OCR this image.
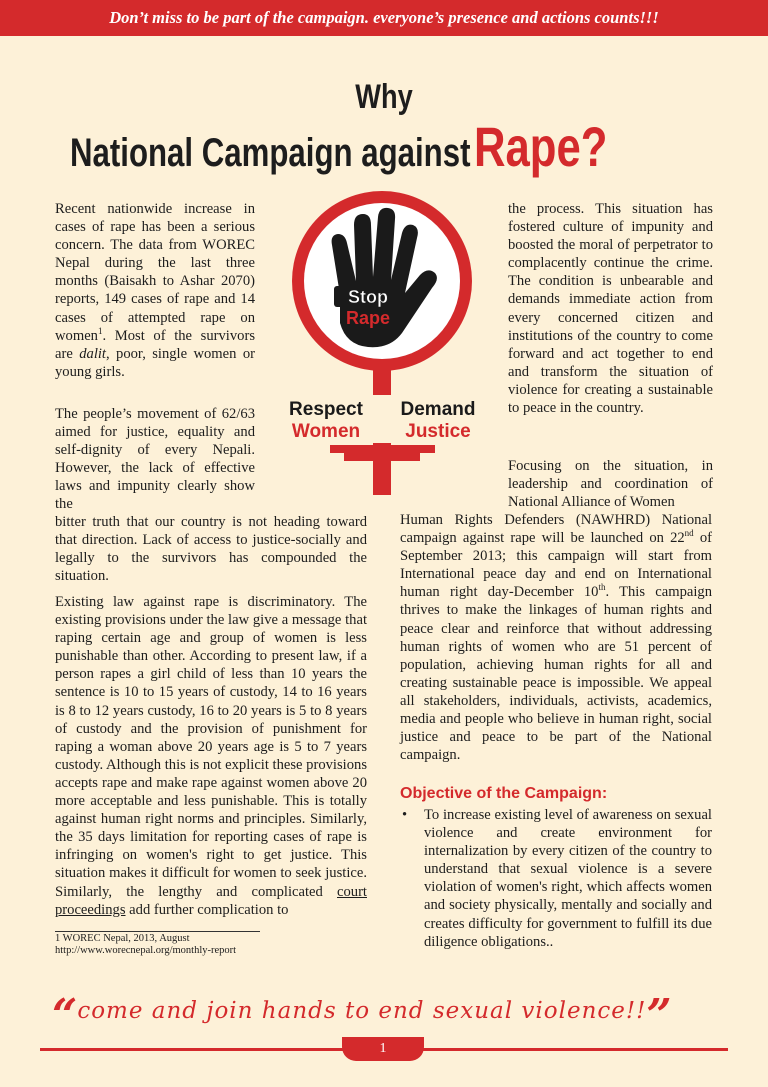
Don’t miss to be part of the campaign. everyone’s presence and actions counts!!!
Why
National Campaign against Rape?
Stop
Rape
Respect
Women
Demand
Justice

Recent nationwide increase in cases of rape has been a serious concern. The data from WOREC Nepal during the last three months (Baisakh to Ashar 2070) reports, 149 cases of rape and 14 cases of attempted rape on women$^1$. Most of the survivors are dalit, poor, single women or young girls.

The people’s movement of 62/63 aimed for justice, equality and self-dignity of every Nepali. However, the lack of effective laws and impunity clearly show the

bitter truth that our country is not heading toward that direction. Lack of access to justice-socially and legally to the survivors has compounded the situation.

Existing law against rape is discriminatory. The existing provisions under the law give a message that raping certain age and group of women is less punishable than other. According to present law, if a person rapes a girl child of less than 10 years the sentence is 10 to 15 years of custody, 14 to 16 years is 8 to 12 years custody, 16 to 20 years is 5 to 8 years of custody and the provision of punishment for raping a woman above 20 years age is 5 to 7 years custody. Although this is not explicit these provisions accepts rape and make rape against women above 20 more acceptable and less punishable. This is totally against human right norms and principles. Similarly, the 35 days limitation for reporting cases of rape is infringing on women's right to get justice. This situation makes it difficult for women to seek justice. Similarly, the lengthy and complicated court proceedings add further complication to

1 WOREC Nepal, 2013, August
http://www.worecnepal.org/monthly-report

the process. This situation has fostered culture of impunity and boosted the moral of perpetrator to complacently continue the crime. The condition is unbearable and demands immediate action from every concerned citizen and institutions of the country to come forward and act together to end and transform the situation of violence for creating a sustainable to peace in the country.

Focusing on the situation, in leadership and coordination of National Alliance of Women

Human Rights Defenders (NAWHRD) National campaign against rape will be launched on 22nd of September 2013; this campaign will start from International peace day and end on International human right day-December 10th. This campaign thrives to make the linkages of human rights and peace clear and reinforce that without addressing human rights of women who are 51 percent of population, achieving human rights for all and creating sustainable peace is impossible. We appeal all stakeholders, individuals, activists, academics, media and people who believe in human right, social justice and peace to be part of the National campaign.

Objective of the Campaign:
• To increase existing level of awareness on sexual violence and create environment for internalization by every citizen of the country to understand that sexual violence is a severe violation of women's right, which affects women and society physically, mentally and socially and creates difficulty for government to fulfill its due diligence obligations..
“come and join hands to end sexual violence!!”
1
